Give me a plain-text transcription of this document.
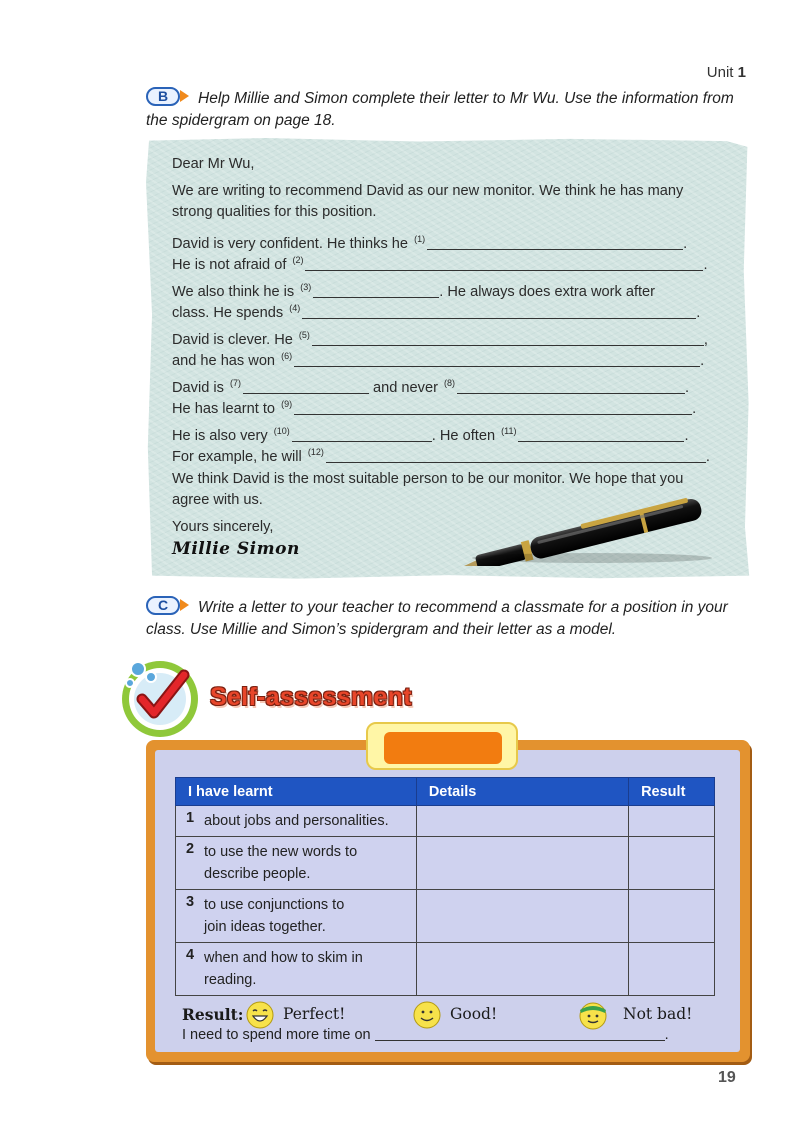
Unit 1
B	Help Millie and Simon complete their letter to Mr Wu. Use the information from the spidergram on page 18.

Dear Mr Wu,

We are writing to recommend David as our new monitor. We think he has many strong qualities for this position.

David is very confident. He thinks he $^{(1)}$	.
He is not afraid of $^{(2)}$	.
We also think he is $^{(3)}$	. He always does extra work after
class. He spends $^{(4)}$	.
David is clever. He $^{(5)}$	,
and he has won $^{(6)}$	.
David is $^{(7)}$	and never $^{(8)}$	.
He has learnt to $^{(9)}$	.
He is also very $^{(10)}$	. He often $^{(11)}$	.
For example, he will $^{(12)}$	.

We think David is the most suitable person to be our monitor. We hope that you agree with us.

Yours sincerely,

Millie Simon
C	Write a letter to your teacher to recommend a classmate for a position in your class. Use Millie and Simon’s spidergram and their letter as a model.
Self-assessment
I have learnt	Details	Result
1 about jobs and personalities.		
2 to use the new words to describe people.		
3 to use conjunctions to join ideas together.		
4 when and how to skim in reading.		
Result:	Perfect!	Good!	Not bad!
I need to spend more time on	.
19
